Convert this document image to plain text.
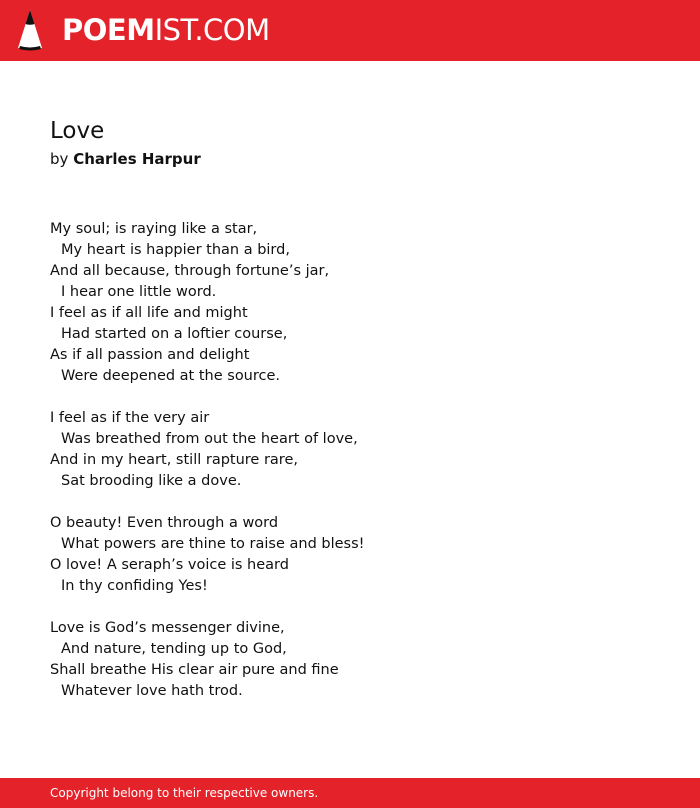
POEMIST.COM
Love
by Charles Harpur
My soul; is raying like a star,
My heart is happier than a bird,
And all because, through fortune’s jar,
I hear one little word.
I feel as if all life and might
Had started on a loftier course,
As if all passion and delight
Were deepened at the source.
I feel as if the very air
Was breathed from out the heart of love,
And in my heart, still rapture rare,
Sat brooding like a dove.
O beauty! Even through a word
What powers are thine to raise and bless!
O love! A seraph’s voice is heard
In thy confiding Yes!
Love is God’s messenger divine,
And nature, tending up to God,
Shall breathe His clear air pure and fine
Whatever love hath trod.
Copyright belong to their respective owners.
